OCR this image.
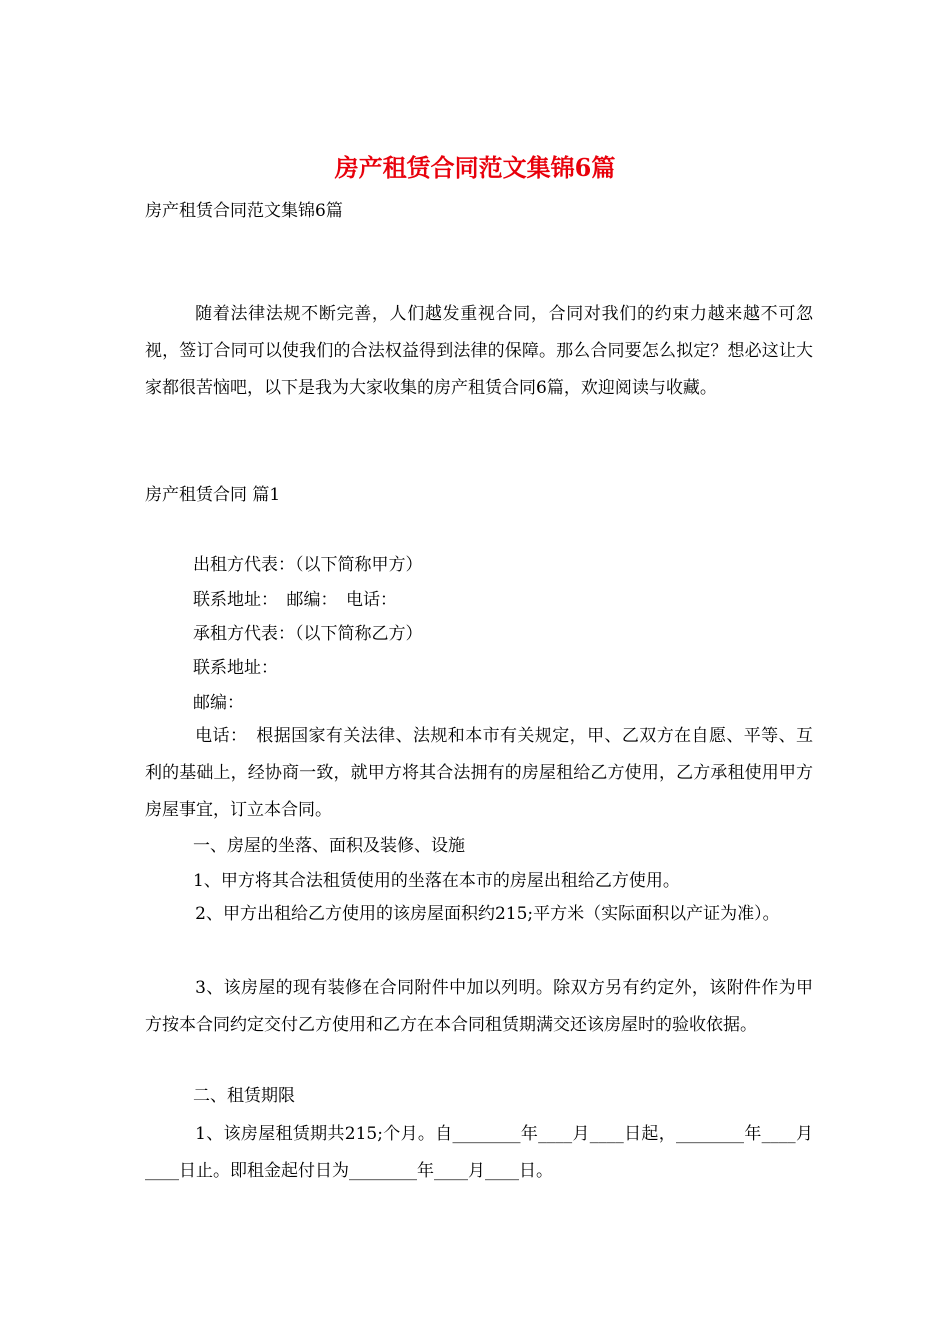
房产租赁合同范文集锦6篇
房产租赁合同范文集锦6篇
随着法律法规不断完善，人们越发重视合同，合同对我们的约束力越来越不可忽视，签订合同可以使我们的合法权益得到法律的保障。那么合同要怎么拟定？想必这让大家都很苦恼吧，以下是我为大家收集的房产租赁合同6篇，欢迎阅读与收藏。
房产租赁合同 篇1
出租方代表：（以下简称甲方）
联系地址：　邮编：　电话：
承租方代表：（以下简称乙方）
联系地址：
邮编：
电话：　根据国家有关法律、法规和本市有关规定，甲、乙双方在自愿、平等、互利的基础上，经协商一致，就甲方将其合法拥有的房屋租给乙方使用，乙方承租使用甲方房屋事宜，订立本合同。
一、房屋的坐落、面积及装修、设施
1、甲方将其合法租赁使用的坐落在本市的房屋出租给乙方使用。
2、甲方出租给乙方使用的该房屋面积约215;平方米（实际面积以产证为准）。
3、该房屋的现有装修在合同附件中加以列明。除双方另有约定外，该附件作为甲方按本合同约定交付乙方使用和乙方在本合同租赁期满交还该房屋时的验收依据。
二、租赁期限
1、该房屋租赁期共215;个月。自________年____月____日起，________年____月____日止。即租金起付日为________年____月____日。
